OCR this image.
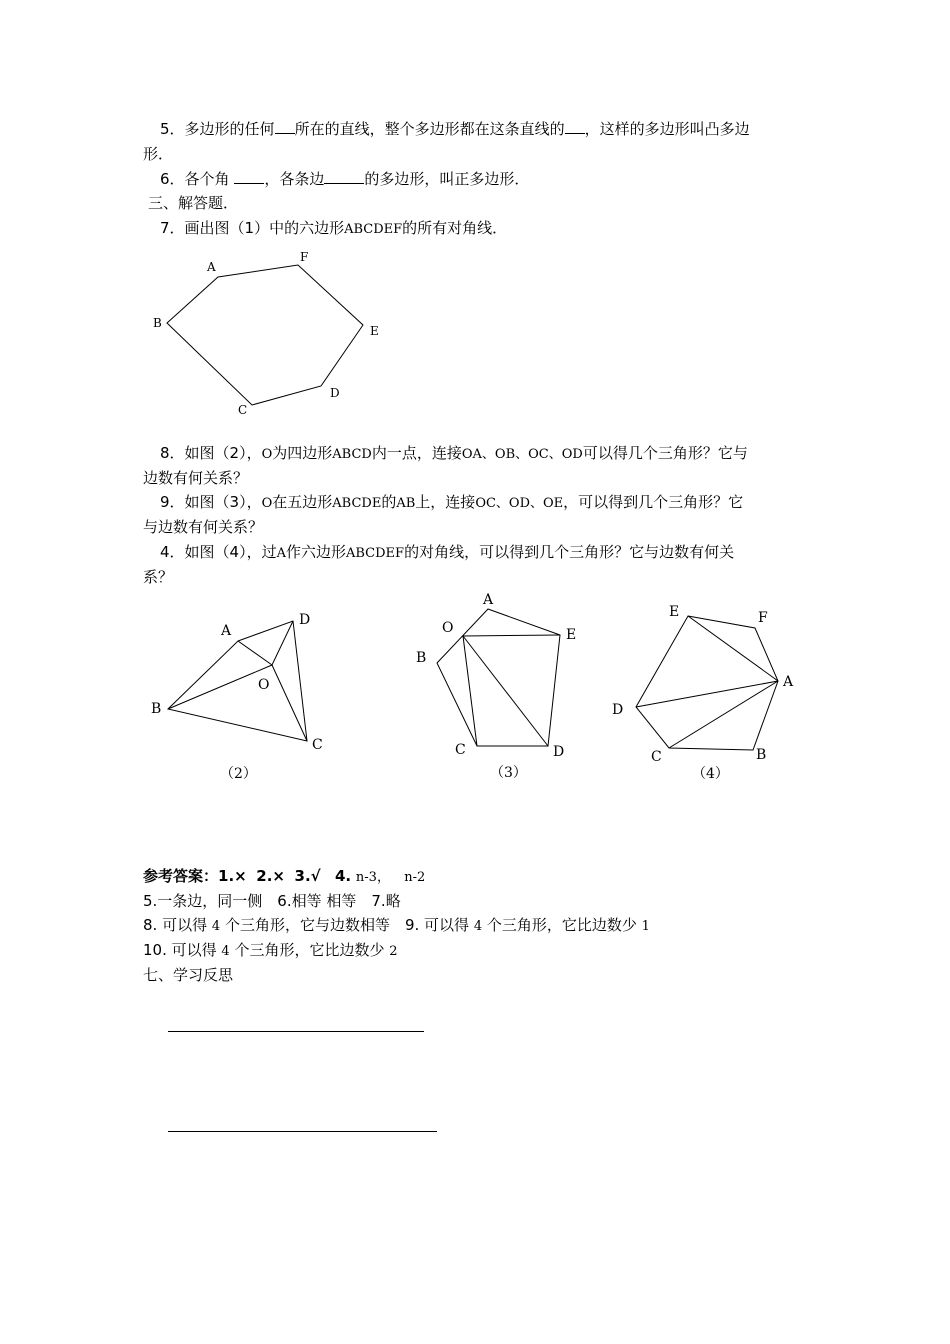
5．多边形的任何 所在的直线，整个多边形都在这条直线的 ，这样的多边形叫凸多边
形．
6．各个角 ，各条边	的多边形，叫正多边形．
三、解答题．
7．画出图（1）中的六边形ABCDEF的所有对角线．
A
F
E
D
C
B
8．如图（2），O为四边形ABCD内一点，连接OA、OB、OC、OD可以得几个三角形？它与
边数有何关系？
9．如图（3），O在五边形ABCDE的AB上，连接OC、OD、OE，可以得到几个三角形？它
与边数有何关系？
4．如图（4），过A作六边形ABCDEF的对角线，可以得到几个三角形？它与边数有何关
系？
A
D
O
B
C
（2）
A
O	E
B
C	D
（3）
E	F
A
D
C	B
（4）
参考答案：1.× 2.× 3.√ 4. n-3， n-2
5.一条边，同一侧　6.相等 相等　7.略
8. 可以得 4 个三角形，它与边数相等　9. 可以得 4 个三角形，它比边数少 1
10. 可以得 4 个三角形，它比边数少 2
七、学习反思
